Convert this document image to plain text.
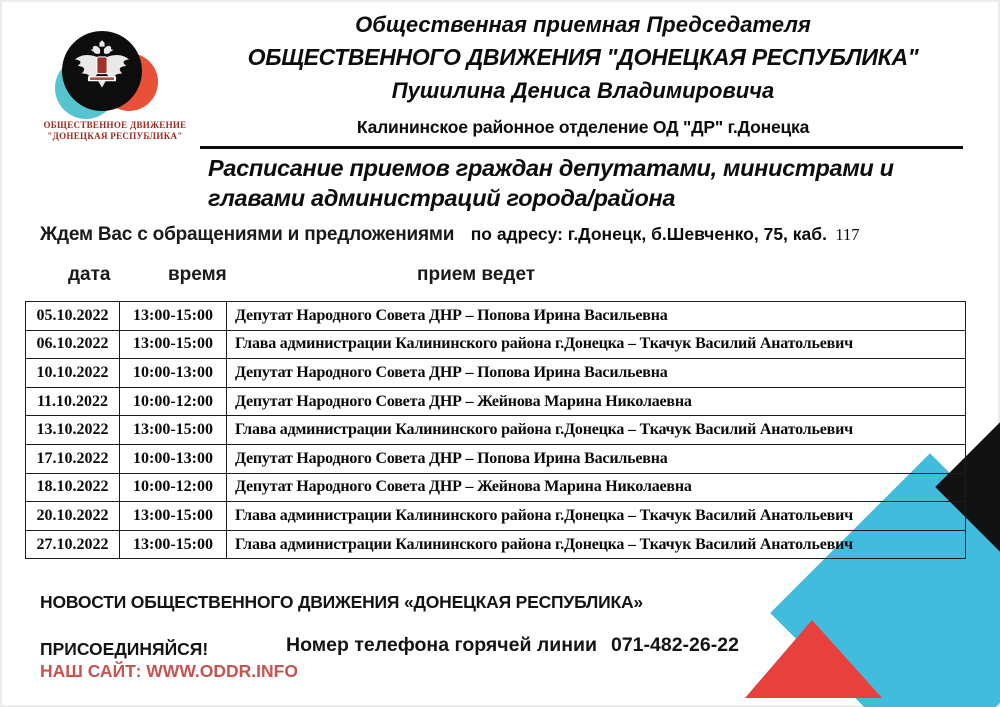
ОБЩЕСТВЕННОЕ ДВИЖЕНИЕ
"ДОНЕЦКАЯ РЕСПУБЛИКА"
Общественная приемная Председателя
ОБЩЕСТВЕННОГО ДВИЖЕНИЯ "ДОНЕЦКАЯ РЕСПУБЛИКА"
Пушилина Дениса Владимировича
Калининское районное отделение ОД "ДР" г.Донецка
Расписание приемов граждан депутатами, министрами и
главами администраций города/района
Ждем Вас с обращениями и предложениями по адресу: г.Донецк, б.Шевченко, 75, каб. 117
дата	время	прием ведет
05.10.2022	13:00-15:00	Депутат Народного Совета ДНР – Попова Ирина Васильевна
06.10.2022	13:00-15:00	Глава администрации Калининского района г.Донецка – Ткачук Василий Анатольевич
10.10.2022	10:00-13:00	Депутат Народного Совета ДНР – Попова Ирина Васильевна
11.10.2022	10:00-12:00	Депутат Народного Совета ДНР – Жейнова Марина Николаевна
13.10.2022	13:00-15:00	Глава администрации Калининского района г.Донецка – Ткачук Василий Анатольевич
17.10.2022	10:00-13:00	Депутат Народного Совета ДНР – Попова Ирина Васильевна
18.10.2022	10:00-12:00	Депутат Народного Совета ДНР – Жейнова Марина Николаевна
20.10.2022	13:00-15:00	Глава администрации Калининского района г.Донецка – Ткачук Василий Анатольевич
27.10.2022	13:00-15:00	Глава администрации Калининского района г.Донецка – Ткачук Василий Анатольевич
НОВОСТИ ОБЩЕСТВЕННОГО ДВИЖЕНИЯ «ДОНЕЦКАЯ РЕСПУБЛИКА»
ПРИСОЕДИНЯЙСЯ!	Номер телефона горячей линии 071-482-26-22
НАШ САЙТ: WWW.ODDR.INFO
